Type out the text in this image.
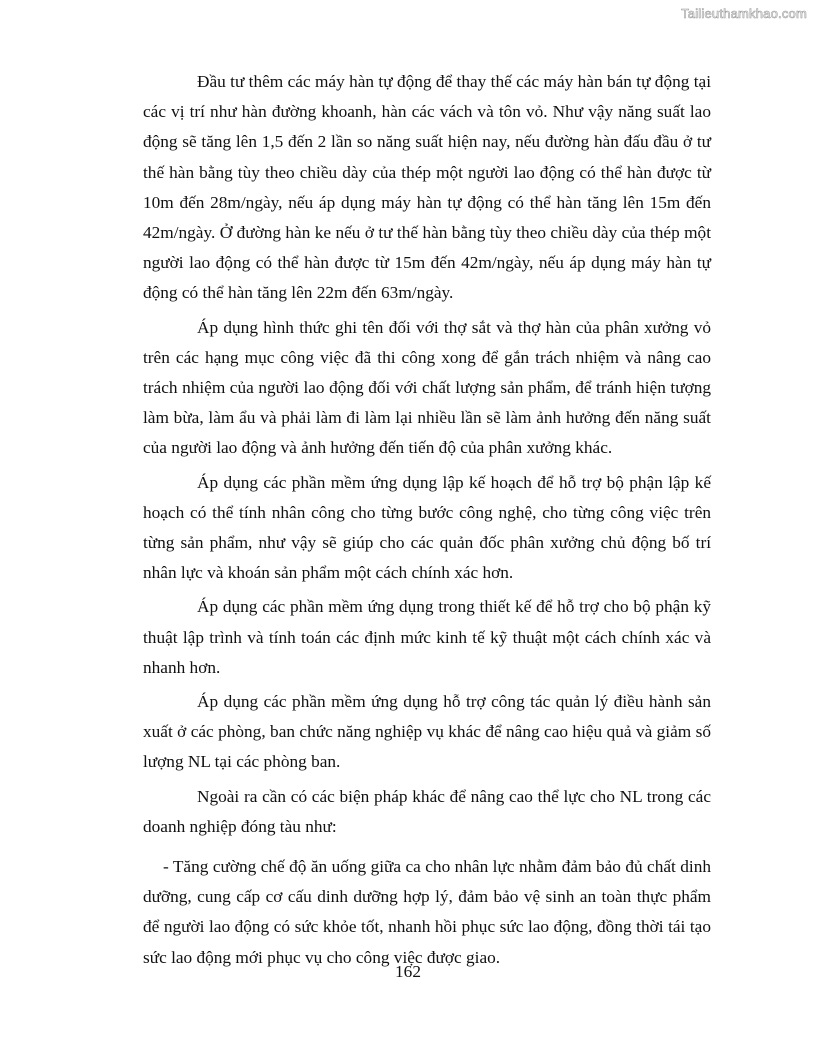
Tailieuthamkhao.com

Đầu tư thêm các máy hàn tự động để thay thế các máy hàn bán tự động tại các vị trí như hàn đường khoanh, hàn các vách và tôn vỏ. Như vậy năng suất lao động sẽ tăng lên 1,5 đến 2 lần so năng suất hiện nay, nếu đường hàn đấu đầu ở tư thế hàn bằng tùy theo chiều dày của thép một người lao động có thể hàn được từ 10m đến 28m/ngày, nếu áp dụng máy hàn tự động có thể hàn tăng lên 15m đến 42m/ngày. Ở đường hàn ke nếu ở tư thế hàn bằng tùy theo chiều dày của thép một người lao động có thể hàn được từ 15m đến 42m/ngày, nếu áp dụng máy hàn tự động có thể hàn tăng lên 22m đến 63m/ngày.

Áp dụng hình thức ghi tên đối với thợ sắt và thợ hàn của phân xưởng vỏ trên các hạng mục công việc đã thi công xong để gắn trách nhiệm và nâng cao trách nhiệm của người lao động đối với chất lượng sản phẩm, để tránh hiện tượng làm bừa, làm ẩu và phải làm đi làm lại nhiều lần sẽ làm ảnh hưởng đến năng suất của người lao động và ảnh hưởng đến tiến độ của phân xưởng khác.

Áp dụng các phần mềm ứng dụng lập kế hoạch để hỗ trợ bộ phận lập kế hoạch có thể tính nhân công cho từng bước công nghệ, cho từng công việc trên từng sản phẩm, như vậy sẽ giúp cho các quản đốc phân xưởng chủ động bố trí nhân lực và khoán sản phẩm một cách chính xác hơn.

Áp dụng các phần mềm ứng dụng trong thiết kế để hỗ trợ cho bộ phận kỹ thuật lập trình và tính toán các định mức kinh tế kỹ thuật một cách chính xác và nhanh hơn.

Áp dụng các phần mềm ứng dụng hỗ trợ công tác quản lý điều hành sản xuất ở các phòng, ban chức năng nghiệp vụ khác để nâng cao hiệu quả và giảm số lượng NL tại các phòng ban.

Ngoài ra cần có các biện pháp khác để nâng cao thể lực cho NL trong các doanh nghiệp đóng tàu như:

- Tăng cường chế độ ăn uống giữa ca cho nhân lực nhằm đảm bảo đủ chất dinh dưỡng, cung cấp cơ cấu dinh dưỡng hợp lý, đảm bảo vệ sinh an toàn thực phẩm để người lao động có sức khỏe tốt, nhanh hồi phục sức lao động, đồng thời tái tạo sức lao động mới phục vụ cho công việc được giao.

162
